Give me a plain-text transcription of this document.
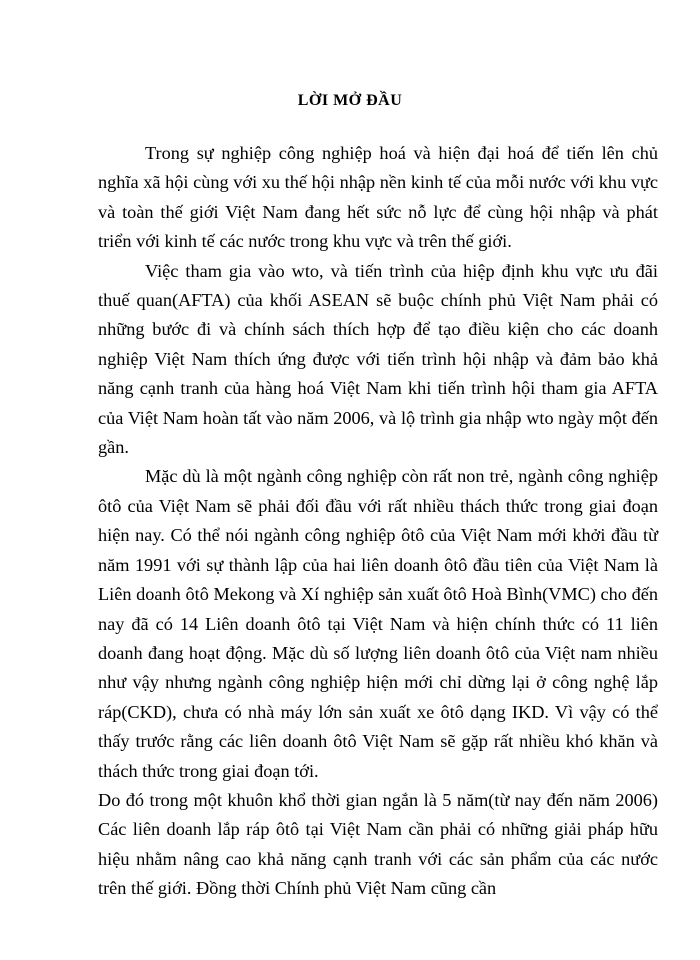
LỜI MỞ ĐẦU

Trong sự nghiệp công nghiệp hoá và hiện đại hoá để tiến lên chủ nghĩa xã hội cùng với xu thế hội nhập nền kinh tế của mỗi nước với khu vực và toàn thế giới Việt Nam đang hết sức nỗ lực để cùng hội nhập và phát triển với kinh tế các nước trong khu vực và trên thế giới.

Việc tham gia vào wto, và tiến trình của hiệp định khu vực ưu đãi thuế quan(AFTA) của khối ASEAN sẽ buộc chính phủ Việt Nam phải có những bước đi và chính sách thích hợp để tạo điều kiện cho các doanh nghiệp Việt Nam thích ứng được với tiến trình hội nhập và đảm bảo khả năng cạnh tranh của hàng hoá Việt Nam khi tiến trình hội tham gia AFTA của Việt Nam hoàn tất vào năm 2006, và lộ trình gia nhập wto ngày một đến gần.

Mặc dù là một ngành công nghiệp còn rất non trẻ, ngành công nghiệp ôtô của Việt Nam sẽ phải đối đầu với rất nhiều thách thức trong giai đoạn hiện nay. Có thể nói ngành công nghiệp ôtô của Việt Nam mới khởi đầu từ năm 1991 với sự thành lập của hai liên doanh ôtô đầu tiên của Việt Nam là Liên doanh ôtô Mekong và Xí nghiệp sản xuất ôtô Hoà Bình(VMC) cho đến nay đã có 14 Liên doanh ôtô tại Việt Nam và hiện chính thức có 11 liên doanh đang hoạt động. Mặc dù số lượng liên doanh ôtô của Việt nam nhiều như vậy nhưng ngành công nghiệp hiện mới chỉ dừng lại ở công nghệ lắp ráp(CKD), chưa có nhà máy lớn sản xuất xe ôtô dạng IKD. Vì vậy có thể thấy trước rằng các liên doanh ôtô Việt Nam sẽ gặp rất nhiều khó khăn và thách thức trong giai đoạn tới.

Do đó trong một khuôn khổ thời gian ngắn là 5 năm(từ nay đến năm 2006) Các liên doanh lắp ráp ôtô tại Việt Nam cần phải có những giải pháp hữu hiệu nhằm nâng cao khả năng cạnh tranh với các sản phẩm của các nước trên thế giới. Đồng thời Chính phủ Việt Nam cũng cần
